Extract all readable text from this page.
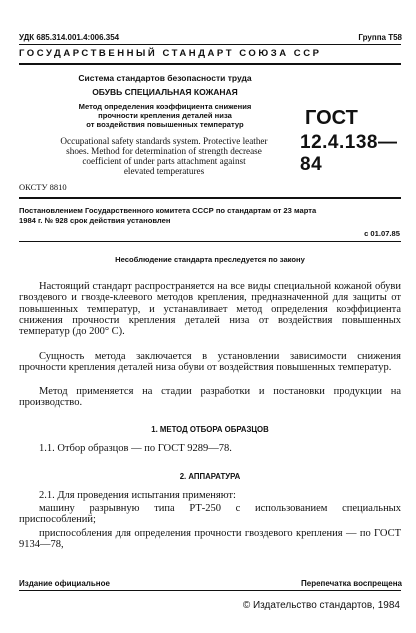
УДК 685.314.001.4:006.354	Группа Т58
ГОСУДАРСТВЕННЫЙ СТАНДАРТ СОЮЗА ССР
Система стандартов безопасности труда
ОБУВЬ СПЕЦИАЛЬНАЯ КОЖАНАЯ
Метод определения коэффициента снижения
прочности крепления деталей низа
от воздействия повышенных температур	ГОСТ
12.4.138—84
Occupational safety standards system. Protective leather
shoes. Method for determination of strength decrease
coefficient of under parts attachment against
elevated temperatures
ОКСТУ 8810
Постановлением Государственного комитета СССР по стандартам от 23 марта
1984 г. № 928 срок действия установлен
с 01.07.85
Несоблюдение стандарта преследуется по закону
Настоящий стандарт распространяется на все виды специальной кожаной обуви гвоздевого и гвоздe-клеевого методов крепления, предназначенной для защиты от повышенных температур, и устанавливает метод определения коэффициента снижения прочности крепления деталей низа от воздействия повышенных температур (до 200° С).
Сущность метода заключается в установлении зависимости снижения прочности крепления деталей низа обуви от воздействия повышенных температур.
Метод применяется на стадии разработки и постановки продукции на производство.
1. МЕТОД ОТБОРА ОБРАЗЦОВ
1.1. Отбор образцов — по ГОСТ 9289—78.
2. АППАРАТУРА
2.1. Для проведения испытания применяют:
машину разрывную типа РТ-250 с использованием специальных приспособлений;
приспособления для определения прочности гвоздевого крепления — по ГОСТ 9134—78,
Издание официальное	Перепечатка воспрещена
© Издательство стандартов, 1984
